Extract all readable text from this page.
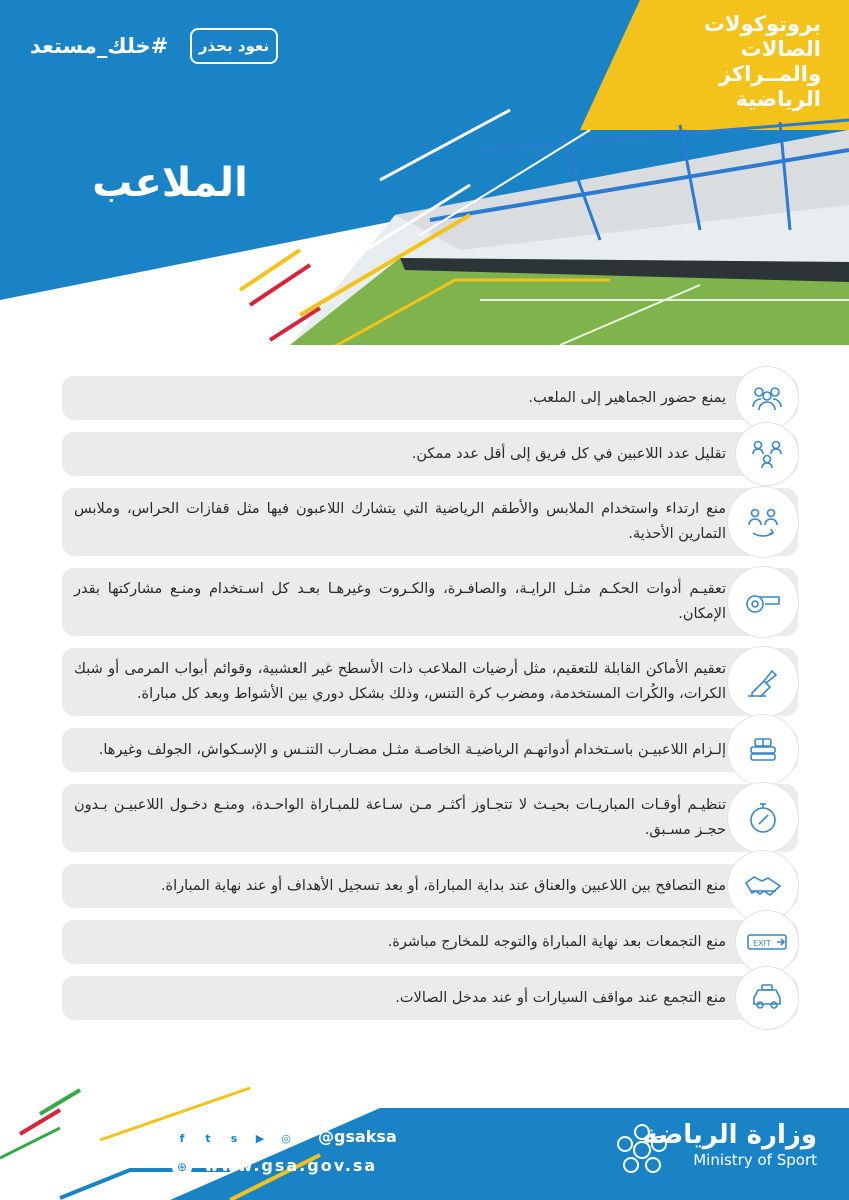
#خلك_مستعد	نعود بحذر
بروتوكولات
الصالات
والمــراكز
الرياضية
الملاعب

يمنع حضور الجماهير إلى الملعب.

تقليل عدد اللاعبين في كل فريق إلى أقل عدد ممكن.

منع ارتداء واستخدام الملابس والأطقم الرياضية التي يتشارك اللاعبون فيها مثل قفازات الحراس، وملابس التمارين الأحذية.

تعقيـم أدوات الحكـم مثـل الرايـة، والصافـرة، والكـروت وغيرهـا بعـد كل اسـتخدام ومنـع مشاركتها بقدر الإمكان.

تعقيم الأماكن القابلة للتعقيم، مثل أرضيات الملاعب ذات الأسطح غير العشبية، وقوائم أبواب المرمى أو شبك الكرات، والكُرات المستخدمة، ومضرب كرة التنس، وذلك بشكل دوري بين الأشواط وبعد كل مباراة.

إلـزام اللاعبيـن باسـتخدام أدواتهـم الرياضيـة الخاصـة مثـل مضـارب التنـس و الإسـكواش، الجولف وغيرها.

تنظيـم أوقـات المباريـات بحيـث لا تتجـاوز أكثـر مـن سـاعة للمبـاراة الواحـدة، ومنـع دخـول اللاعبيـن بـدون حجـز مسـبق.

منع التصافح بين اللاعبين والعناق عند بداية المباراة، أو بعد تسجيل الأهداف أو عند نهاية المباراة.

منع التجمعات بعد نهاية المباراة والتوجه للمخارج مباشرة.	EXIT

منع التجمع عند مواقف السيارات أو عند مدخل الصالات.

f	t	s	▶	◎	@gsaksa
⊕	www.gsa.gov.sa
وزارة الرياضة
Ministry of Sport
